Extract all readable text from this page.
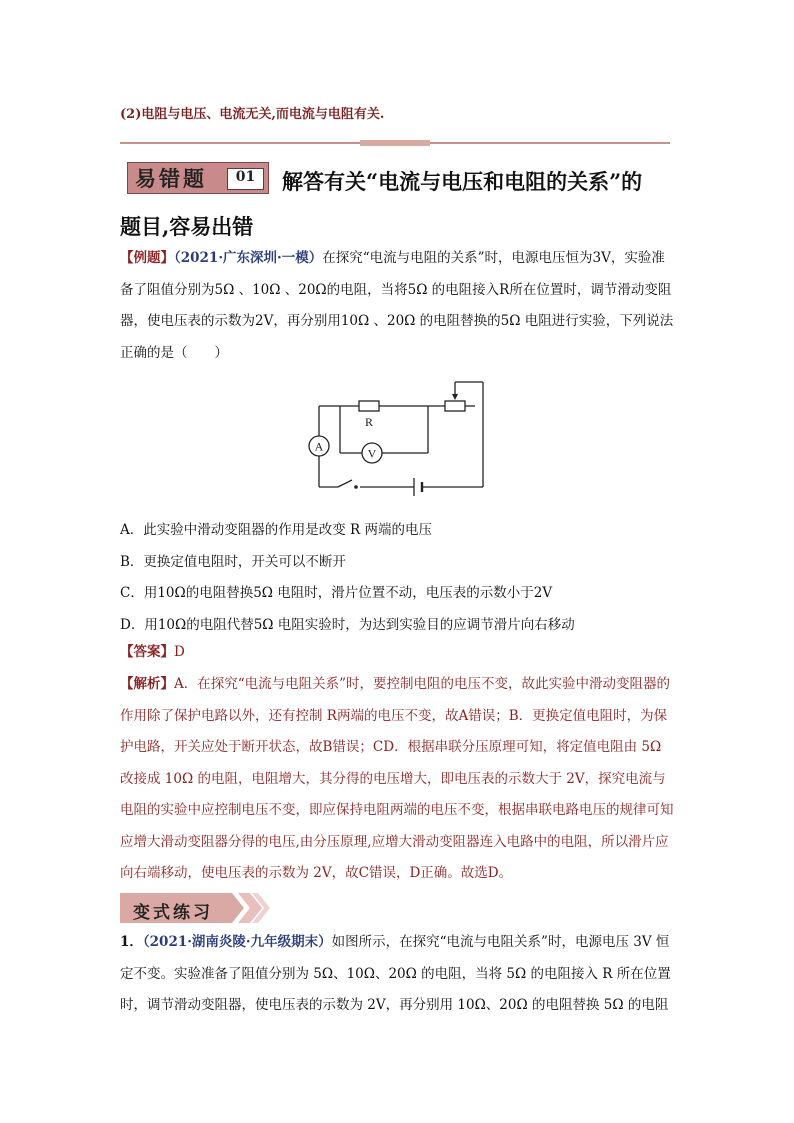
(2)电阻与电压、电流无关,而电流与电阻有关.
易错题	01	解答有关“电流与电压和电阻的关系”的
题目,容易出错
【例题】（2021·广东深圳·一模）在探究“电流与电阻的关系”时，电源电压恒为3V，实验准备了阻值分别为5Ω 、10Ω 、20Ω的电阻，当将5Ω 的电阻接入R所在位置时，调节滑动变阻器，使电压表的示数为2V，再分别用10Ω 、20Ω 的电阻替换的5Ω 电阻进行实验，下列说法正确的是（　　）
A	V
R
A．此实验中滑动变阻器的作用是改变 R 两端的电压
B．更换定值电阻时，开关可以不断开
C．用10Ω的电阻替换5Ω 电阻时，滑片位置不动，电压表的示数小于2V
D．用10Ω的电阻代替5Ω 电阻实验时，为达到实验目的应调节滑片向右移动
【答案】D
【解析】A．在探究“电流与电阻关系”时，要控制电阻的电压不变，故此实验中滑动变阻器的作用除了保护电路以外，还有控制 R两端的电压不变，故A错误；B．更换定值电阻时，为保护电路，开关应处于断开状态，故B错误；CD．根据串联分压原理可知，将定值电阻由 5Ω 改接成 10Ω 的电阻，电阻增大，其分得的电压增大，即电压表的示数大于 2V，探究电流与电阻的实验中应控制电压不变，即应保持电阻两端的电压不变，根据串联电路电压的规律可知应增大滑动变阻器分得的电压,由分压原理,应增大滑动变阻器连入电路中的电阻，所以滑片应向右端移动，使电压表的示数为 2V，故C错误，D正确。故选D。
变式练习
1．（2021·湖南炎陵·九年级期末）如图所示，在探究“电流与电阻关系”时，电源电压 3V 恒定不变。实验准备了阻值分别为 5Ω、10Ω、20Ω 的电阻，当将 5Ω 的电阻接入 R 所在位置时，调节滑动变阻器，使电压表的示数为 2V，再分别用 10Ω、20Ω 的电阻替换 5Ω 的电阻
